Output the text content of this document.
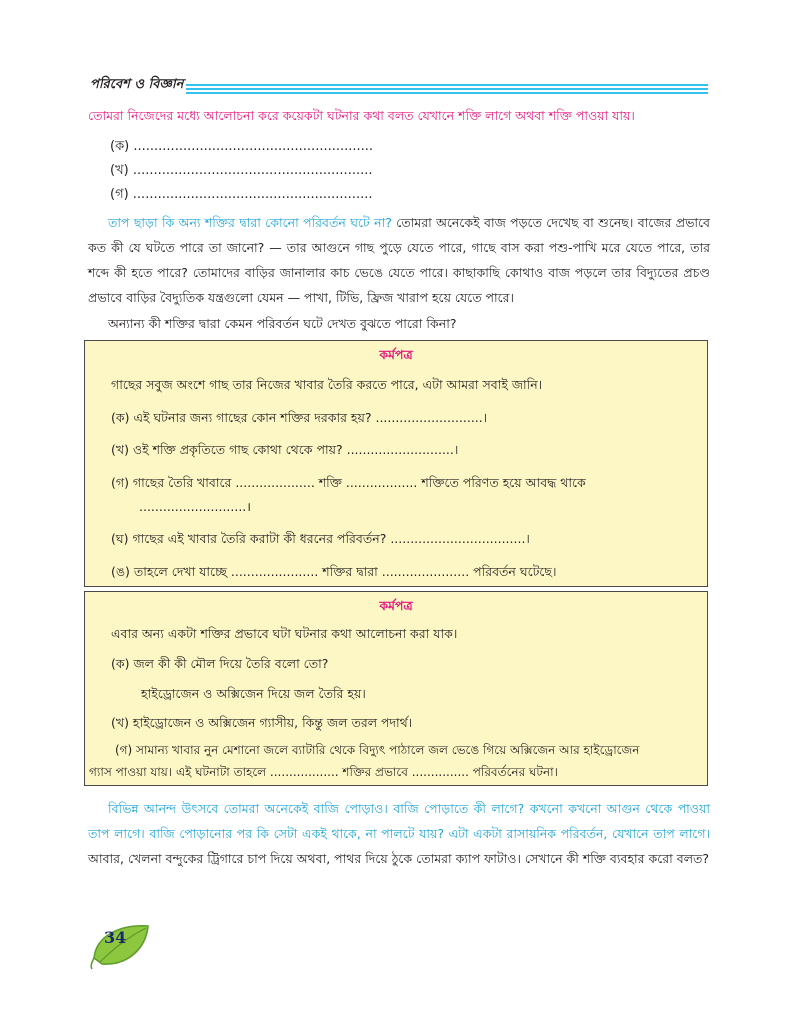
পরিবেশ ও বিজ্ঞান
তোমরা নিজেদের মধ্যে আলোচনা করে কয়েকটা ঘটনার কথা বলত যেখানে শক্তি লাগে অথবা শক্তি পাওয়া যায়।
(ক) ..........................................................
(খ) ..........................................................
(গ) ..........................................................
তাপ ছাড়া কি অন্য শক্তির দ্বারা কোনো পরিবর্তন ঘটে না? তোমরা অনেকেই বাজ পড়তে দেখেছ বা শুনেছ। বাজের প্রভাবে কত কী যে ঘটতে পারে তা জানো? — তার আগুনে গাছ পুড়ে যেতে পারে, গাছে বাস করা পশু-পাখি মরে যেতে পারে, তার শব্দে কী হতে পারে? তোমাদের বাড়ির জানালার কাচ ভেঙে যেতে পারে। কাছাকাছি কোথাও বাজ পড়লে তার বিদ্যুতের প্রচণ্ড প্রভাবে বাড়ির বৈদ্যুতিক যন্ত্রগুলো যেমন — পাখা, টিভি, ফ্রিজ খারাপ হয়ে যেতে পারে।
অন্যান্য কী শক্তির দ্বারা কেমন পরিবর্তন ঘটে দেখত বুঝতে পারো কিনা?
কর্মপত্র
গাছের সবুজ অংশে গাছ তার নিজের খাবার তৈরি করতে পারে, এটা আমরা সবাই জানি।
(ক) এই ঘটনার জন্য গাছের কোন শক্তির দরকার হয়? ...........................।
(খ) ওই শক্তি প্রকৃতিতে গাছ কোথা থেকে পায়? ...........................।
(গ) গাছের তৈরি খাবারে .................... শক্তি .................. শক্তিতে পরিণত হয়ে আবদ্ধ থাকে
...........................।
(ঘ) গাছের এই খাবার তৈরি করাটা কী ধরনের পরিবর্তন? ..................................।
(ঙ) তাহলে দেখা যাচ্ছে ...................... শক্তির দ্বারা ...................... পরিবর্তন ঘটেছে।
কর্মপত্র
এবার অন্য একটা শক্তির প্রভাবে ঘটা ঘটনার কথা আলোচনা করা যাক।
(ক) জল কী কী মৌল দিয়ে তৈরি বলো তো?
হাইড্রোজেন ও অক্সিজেন দিয়ে জল তৈরি হয়।
(খ) হাইড্রোজেন ও অক্সিজেন গ্যাসীয়, কিন্তু জল তরল পদার্থ।
(গ) সামান্য খাবার নুন মেশানো জলে ব্যাটারি থেকে বিদ্যুৎ পাঠালে জল ভেঙে গিয়ে অক্সিজেন আর হাইড্রোজেন
গ্যাস পাওয়া যায়। এই ঘটনাটা তাহলে .................. শক্তির প্রভাবে ............... পরিবর্তনের ঘটনা।
বিভিন্ন আনন্দ উৎসবে তোমরা অনেকেই বাজি পোড়াও। বাজি পোড়াতে কী লাগে? কখনো কখনো আগুন থেকে পাওয়া তাপ লাগে। বাজি পোড়ানোর পর কি সেটা একই থাকে, না পালটে যায়? এটা একটা রাসায়নিক পরিবর্তন, যেখানে তাপ লাগে। আবার, খেলনা বন্দুকের ট্রিগারে চাপ দিয়ে অথবা, পাথর দিয়ে ঠুকে তোমরা ক্যাপ ফাটাও। সেখানে কী শক্তি ব্যবহার করো বলত?
34
